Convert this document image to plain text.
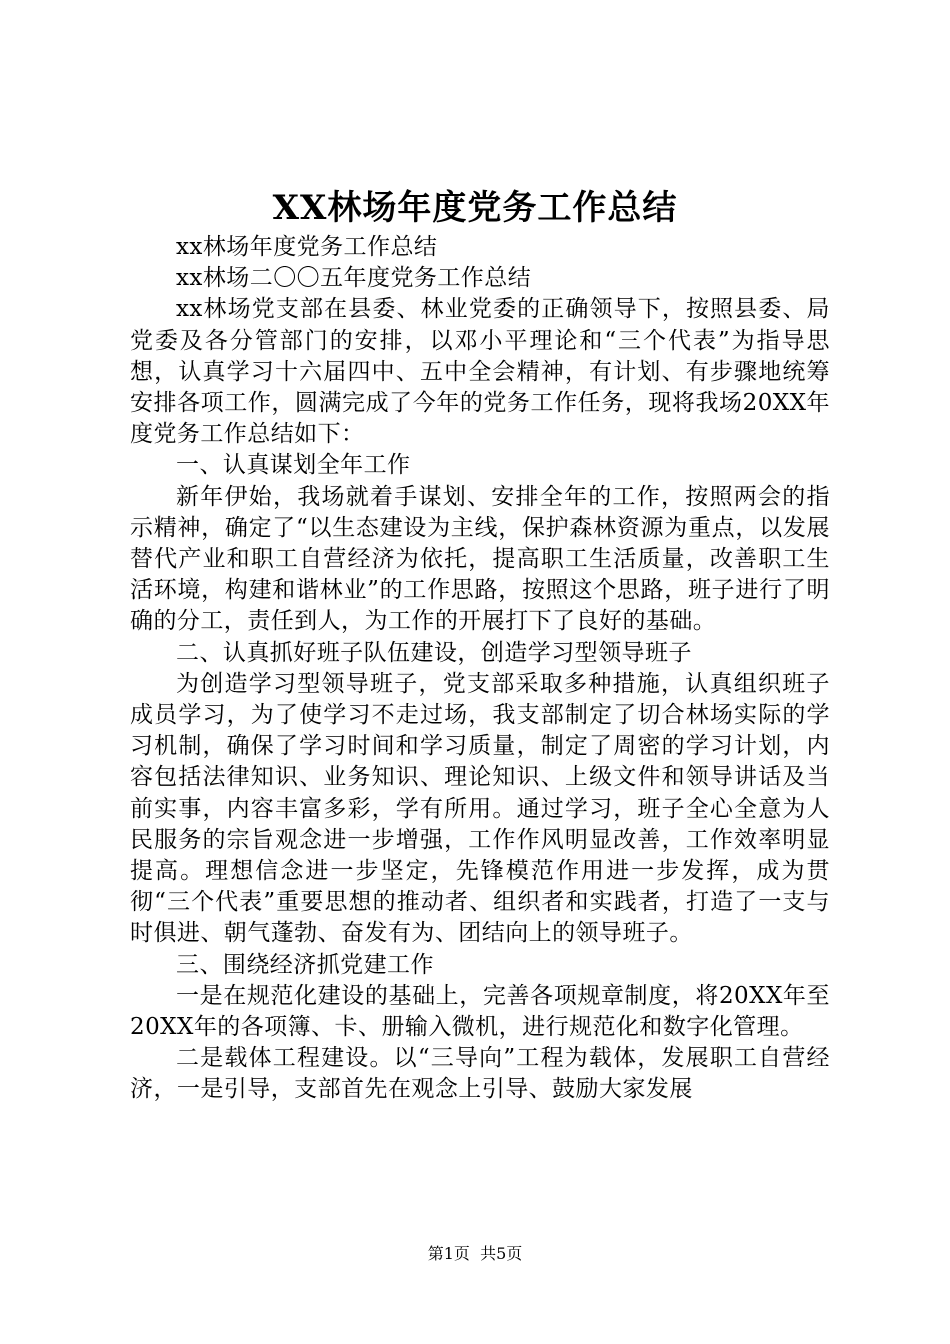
XX林场年度党务工作总结

xx林场年度党务工作总结

xx林场二〇〇五年度党务工作总结

xx林场党支部在县委、林业党委的正确领导下，按照县委、局党委及各分管部门的安排，以邓小平理论和“三个代表”为指导思想，认真学习十六届四中、五中全会精神，有计划、有步骤地统筹安排各项工作，圆满完成了今年的党务工作任务，现将我场20XX年度党务工作总结如下：

一、认真谋划全年工作

新年伊始，我场就着手谋划、安排全年的工作，按照两会的指示精神，确定了“以生态建设为主线，保护森林资源为重点，以发展替代产业和职工自营经济为依托，提高职工生活质量，改善职工生活环境，构建和谐林业”的工作思路，按照这个思路，班子进行了明确的分工，责任到人，为工作的开展打下了良好的基础。

二、认真抓好班子队伍建设，创造学习型领导班子

为创造学习型领导班子，党支部采取多种措施，认真组织班子成员学习，为了使学习不走过场，我支部制定了切合林场实际的学习机制，确保了学习时间和学习质量，制定了周密的学习计划，内容包括法律知识、业务知识、理论知识、上级文件和领导讲话及当前实事，内容丰富多彩，学有所用。通过学习，班子全心全意为人民服务的宗旨观念进一步增强，工作作风明显改善，工作效率明显提高。理想信念进一步坚定，先锋模范作用进一步发挥，成为贯彻“三个代表”重要思想的推动者、组织者和实践者，打造了一支与时俱进、朝气蓬勃、奋发有为、团结向上的领导班子。

三、围绕经济抓党建工作

一是在规范化建设的基础上，完善各项规章制度，将20XX年至20XX年的各项簿、卡、册输入微机，进行规范化和数字化管理。

二是载体工程建设。以“三导向”工程为载体，发展职工自营经济，一是引导，支部首先在观念上引导、鼓励大家发展

第1页  共5页
